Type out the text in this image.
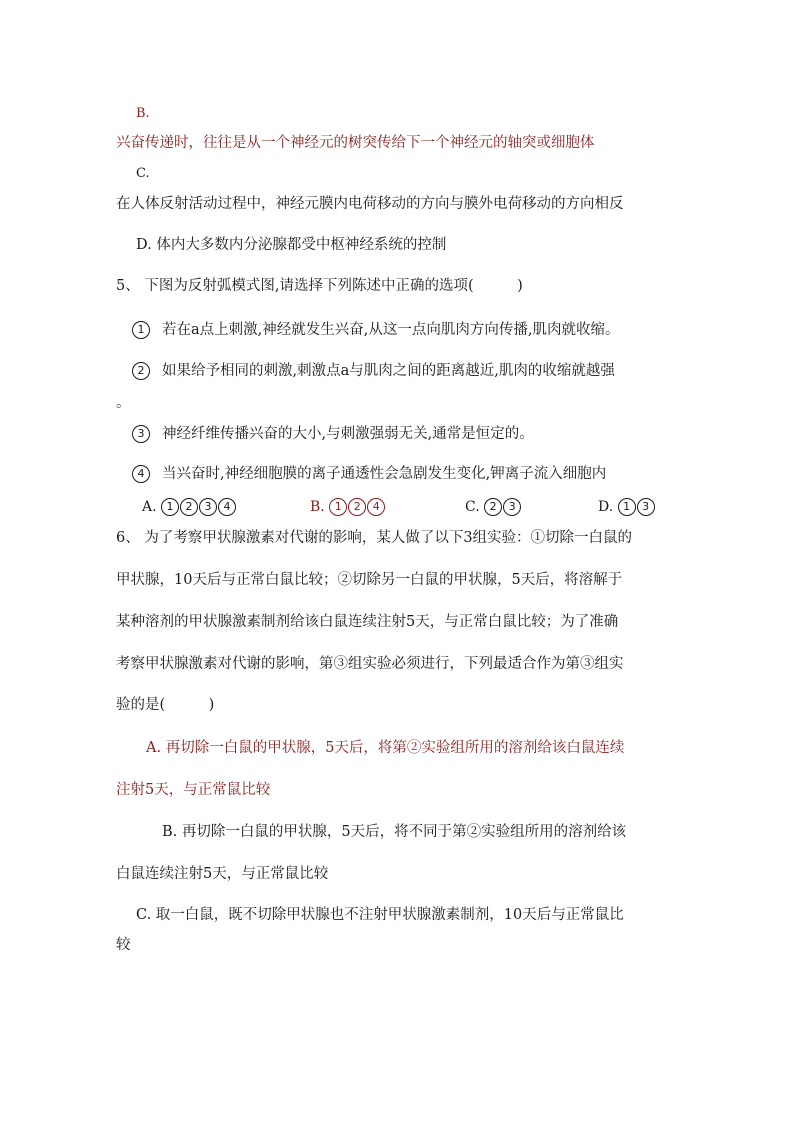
B.
兴奋传递时，往往是从一个神经元的树突传给下一个神经元的轴突或细胞体
C.
在人体反射活动过程中，神经元膜内电荷移动的方向与膜外电荷移动的方向相反
D. 体内大多数内分泌腺都受中枢神经系统的控制
5、 下图为反射弧模式图,请选择下列陈述中正确的选项(　　　)
1 若在a点上刺激,神经就发生兴奋,从这一点向肌肉方向传播,肌肉就收缩。
2 如果给予相同的刺激,刺激点a与肌肉之间的距离越近,肌肉的收缩就越强
。
3 神经纤维传播兴奋的大小,与刺激强弱无关,通常是恒定的。
4 当兴奋时,神经细胞膜的离子通透性会急剧发生变化,钾离子流入细胞内
A. 1 2 3 4	B. 1 2 4	C. 2 3	D. 1 3
6、 为了考察甲状腺激素对代谢的影响，某人做了以下3组实验：①切除一白鼠的
甲状腺，10天后与正常白鼠比较；②切除另一白鼠的甲状腺，5天后，将溶解于
某种溶剂的甲状腺激素制剂给该白鼠连续注射5天，与正常白鼠比较；为了准确
考察甲状腺激素对代谢的影响，第③组实验必须进行，下列最适合作为第③组实
验的是(　　　)
A. 再切除一白鼠的甲状腺，5天后，将第②实验组所用的溶剂给该白鼠连续
注射5天，与正常鼠比较
B. 再切除一白鼠的甲状腺，5天后，将不同于第②实验组所用的溶剂给该
白鼠连续注射5天，与正常鼠比较
C. 取一白鼠，既不切除甲状腺也不注射甲状腺激素制剂，10天后与正常鼠比
较
